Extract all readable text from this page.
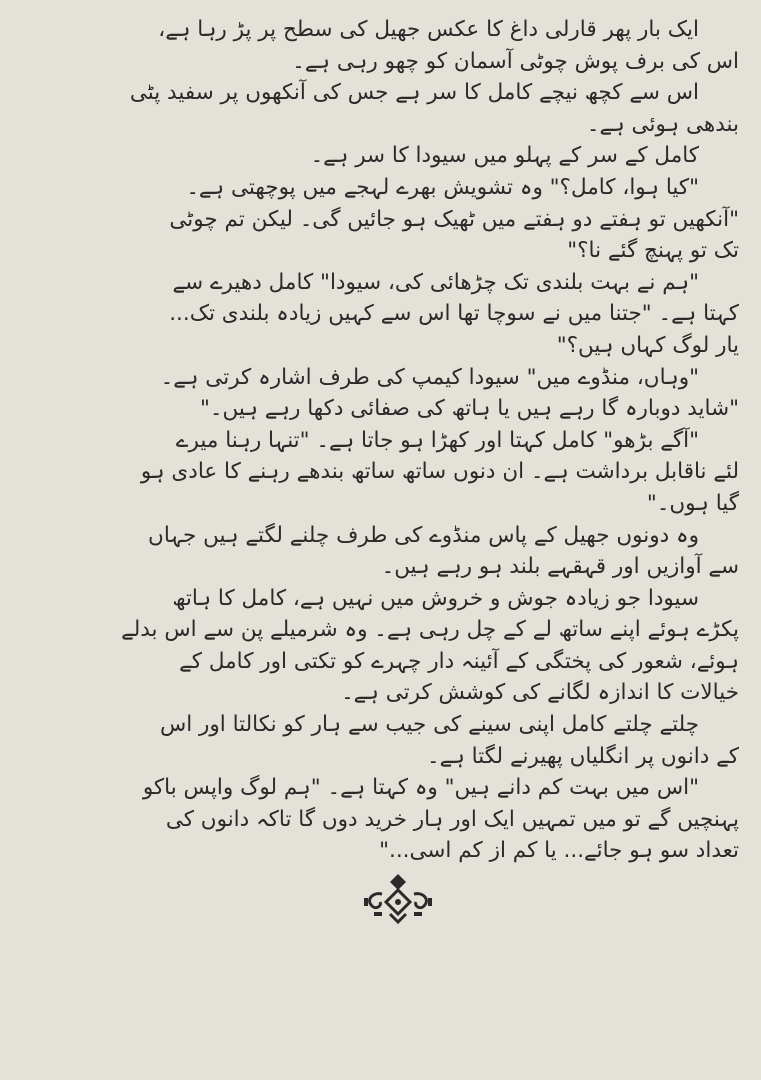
ایک بار پھر قارلی داغ کا عکس جھیل کی سطح پر پڑ رہا ہے،
اس کی برف پوش چوٹی آسمان کو چھو رہی ہے۔
اس سے کچھ نیچے کامل کا سر ہے جس کی آنکھوں پر سفید پٹی
بندھی ہوئی ہے۔
کامل کے سر کے پہلو میں سیودا کا سر ہے۔
"کیا ہوا، کامل؟" وہ تشویش بھرے لہجے میں پوچھتی ہے۔
"آنکھیں تو ہفتے دو ہفتے میں ٹھیک ہو جائیں گی۔ لیکن تم چوٹی
تک تو پہنچ گئے نا؟"
"ہم نے بہت بلندی تک چڑھائی کی، سیودا" کامل دھیرے سے
کہتا ہے۔ "جتنا میں نے سوچا تھا اس سے کہیں زیادہ بلندی تک...
یار لوگ کہاں ہیں؟"
"وہاں، منڈوے میں" سیودا کیمپ کی طرف اشارہ کرتی ہے۔
"شاید دوبارہ گا رہے ہیں یا ہاتھ کی صفائی دکھا رہے ہیں۔"
"آگے بڑھو" کامل کہتا اور کھڑا ہو جاتا ہے۔ "تنہا رہنا میرے
لئے ناقابل برداشت ہے۔ ان دنوں ساتھ ساتھ بندھے رہنے کا عادی ہو
گیا ہوں۔"
وہ دونوں جھیل کے پاس منڈوے کی طرف چلنے لگتے ہیں جہاں
سے آوازیں اور قہقہے بلند ہو رہے ہیں۔
سیودا جو زیادہ جوش و خروش میں نہیں ہے، کامل کا ہاتھ
پکڑے ہوئے اپنے ساتھ لے کے چل رہی ہے۔ وہ شرمیلے پن سے اس بدلے
ہوئے، شعور کی پختگی کے آئینہ دار چہرے کو تکتی اور کامل کے
خیالات کا اندازہ لگانے کی کوشش کرتی ہے۔
چلتے چلتے کامل اپنی سینے کی جیب سے ہار کو نکالتا اور اس
کے دانوں پر انگلیاں پھیرنے لگتا ہے۔
"اس میں بہت کم دانے ہیں" وہ کہتا ہے۔ "ہم لوگ واپس باکو
پہنچیں گے تو میں تمہیں ایک اور ہار خرید دوں گا تاکہ دانوں کی
تعداد سو ہو جائے... یا کم از کم اسی..."
